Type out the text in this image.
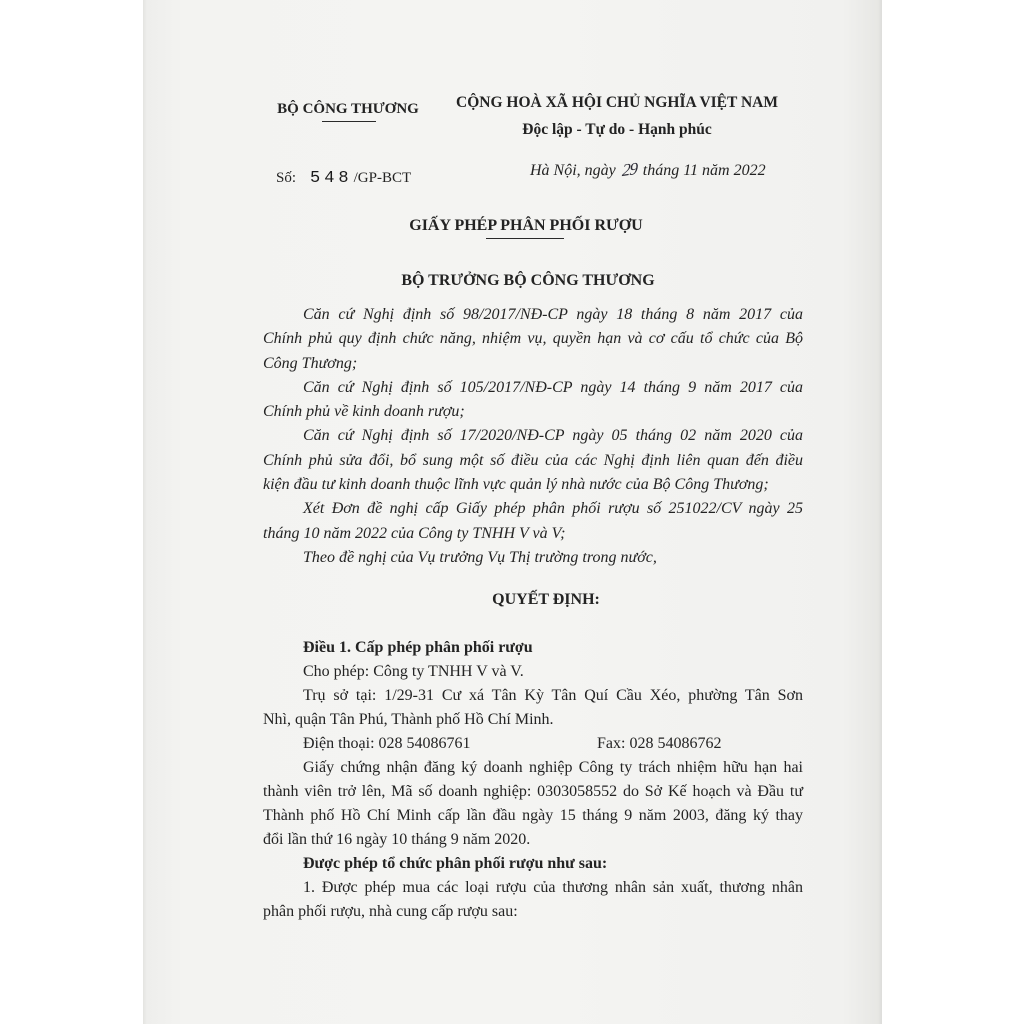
BỘ CÔNG THƯƠNG	CỘNG HOÀ XÃ HỘI CHỦ NGHĨA VIỆT NAM
Độc lập - Tự do - Hạnh phúc
Số: 548/GP-BCT	Hà Nội, ngày 29 tháng 11 năm 2022
GIẤY PHÉP PHÂN PHỐI RƯỢU
BỘ TRƯỞNG BỘ CÔNG THƯƠNG
Căn cứ Nghị định số 98/2017/NĐ-CP ngày 18 tháng 8 năm 2017 của
Chính phủ quy định chức năng, nhiệm vụ, quyền hạn và cơ cấu tổ chức của Bộ
Công Thương;
Căn cứ Nghị định số 105/2017/NĐ-CP ngày 14 tháng 9 năm 2017 của
Chính phủ về kinh doanh rượu;
Căn cứ Nghị định số 17/2020/NĐ-CP ngày 05 tháng 02 năm 2020 của
Chính phủ sửa đổi, bổ sung một số điều của các Nghị định liên quan đến điều
kiện đầu tư kinh doanh thuộc lĩnh vực quản lý nhà nước của Bộ Công Thương;
Xét Đơn đề nghị cấp Giấy phép phân phối rượu số 251022/CV ngày 25
tháng 10 năm 2022 của Công ty TNHH V và V;
Theo đề nghị của Vụ trưởng Vụ Thị trường trong nước,
QUYẾT ĐỊNH:
Điều 1. Cấp phép phân phối rượu
Cho phép: Công ty TNHH V và V.
Trụ sở tại: 1/29-31 Cư xá Tân Kỳ Tân Quí Cầu Xéo, phường Tân Sơn
Nhì, quận Tân Phú, Thành phố Hồ Chí Minh.
Điện thoại: 028 54086761	Fax: 028 54086762
Giấy chứng nhận đăng ký doanh nghiệp Công ty trách nhiệm hữu hạn hai
thành viên trở lên, Mã số doanh nghiệp: 0303058552 do Sở Kế hoạch và Đầu tư
Thành phố Hồ Chí Minh cấp lần đầu ngày 15 tháng 9 năm 2003, đăng ký thay
đổi lần thứ 16 ngày 10 tháng 9 năm 2020.
Được phép tổ chức phân phối rượu như sau:
1. Được phép mua các loại rượu của thương nhân sản xuất, thương nhân
phân phối rượu, nhà cung cấp rượu sau:
